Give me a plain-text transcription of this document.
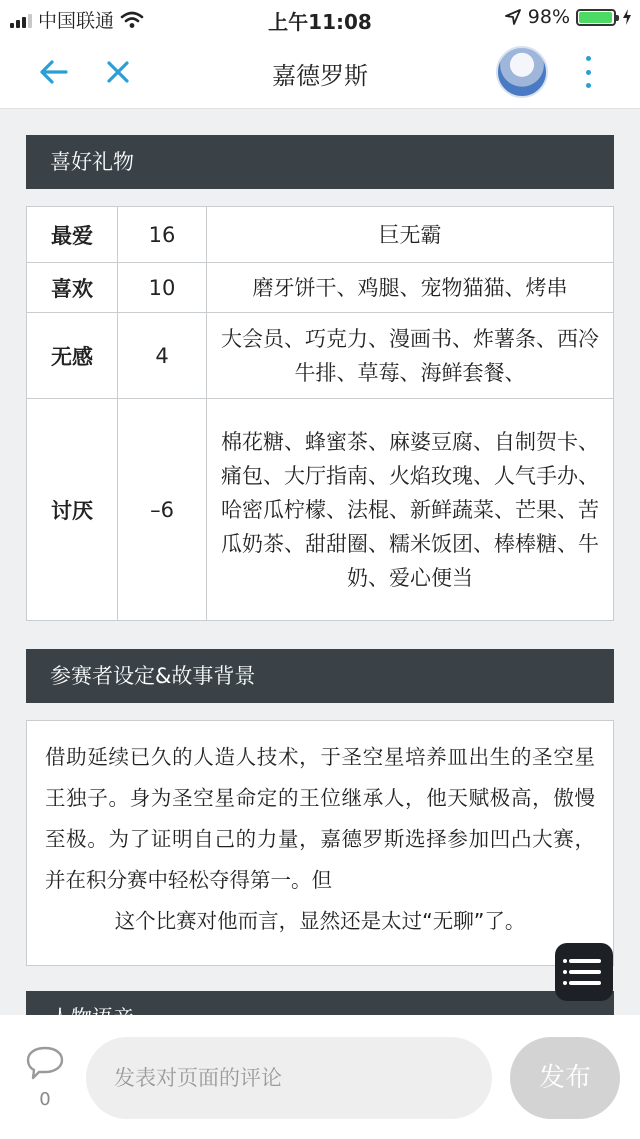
中国联通	上午11:08	98%
嘉德罗斯
喜好礼物
最爱	16	巨无霸
喜欢	10	磨牙饼干、鸡腿、宠物猫猫、烤串
无感	4	大会员、巧克力、漫画书、炸薯条、西冷牛排、草莓、海鲜套餐、
讨厌	–6	棉花糖、蜂蜜茶、麻婆豆腐、自制贺卡、痛包、大厅指南、火焰玫瑰、人气手办、哈密瓜柠檬、法棍、新鲜蔬菜、芒果、苦瓜奶茶、甜甜圈、糯米饭团、棒棒糖、牛奶、爱心便当
参赛者设定&故事背景

借助延续已久的人造人技术，于圣空星培养皿出生的圣空星王独子。身为圣空星命定的王位继承人，他天赋极高，傲慢至极。为了证明自己的力量，嘉德罗斯选择参加凹凸大赛，并在积分赛中轻松夺得第一。但

这个比赛对他而言，显然还是太过“无聊”了。

0
发表对页面的评论	发布
